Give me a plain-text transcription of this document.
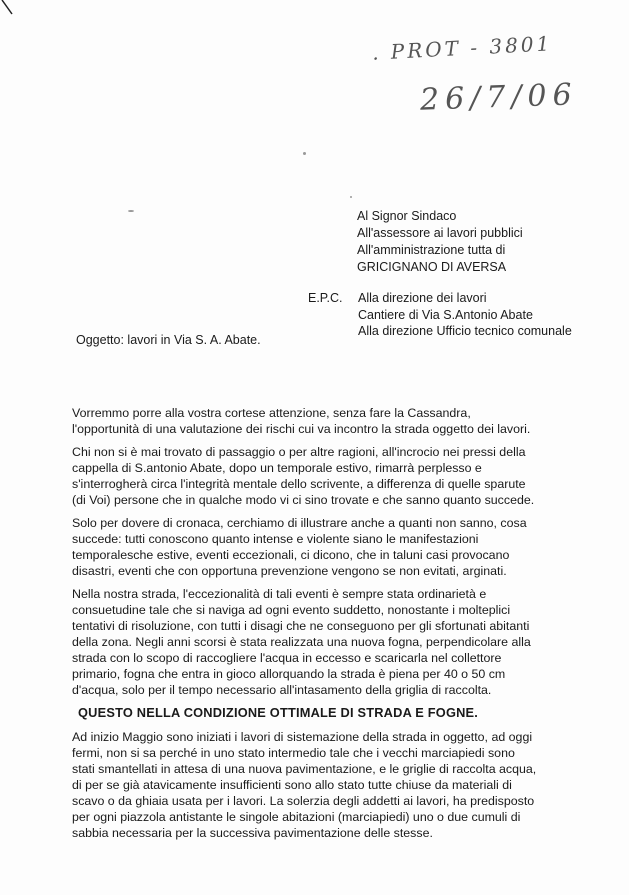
. PROT - 3801
26/7/06
Al Signor Sindaco
All'assessore ai lavori pubblici
All'amministrazione tutta di
GRICIGNANO DI AVERSA
E.P.C.	Alla direzione dei lavori
Cantiere di Via S.Antonio Abate
Alla direzione Ufficio tecnico comunale
Oggetto: lavori in Via S. A. Abate.

Vorremmo porre alla vostra cortese attenzione, senza fare la Cassandra,
l'opportunità di una valutazione dei rischi cui va incontro la strada oggetto dei lavori.

Chi non si è mai trovato di passaggio o per altre ragioni, all'incrocio nei pressi della
cappella di S.antonio Abate, dopo un temporale estivo, rimarrà perplesso e
s'interrogherà circa l'integrità mentale dello scrivente, a differenza di quelle sparute
(di Voi) persone che in qualche modo vi ci sino trovate e che sanno quanto succede.

Solo per dovere di cronaca, cerchiamo di illustrare anche a quanti non sanno, cosa
succede: tutti conoscono quanto intense e violente siano le manifestazioni
temporalesche estive, eventi eccezionali, ci dicono, che in taluni casi provocano
disastri, eventi che con opportuna prevenzione vengono se non evitati, arginati.

Nella nostra strada, l'eccezionalità di tali eventi è sempre stata ordinarietà e
consuetudine tale che si naviga ad ogni evento suddetto, nonostante i molteplici
tentativi di risoluzione, con tutti i disagi che ne conseguono per gli sfortunati abitanti
della zona. Negli anni scorsi è stata realizzata una nuova fogna, perpendicolare alla
strada con lo scopo di raccogliere l'acqua in eccesso e scaricarla nel collettore
primario, fogna che entra in gioco allorquando la strada è piena per 40 o 50 cm
d'acqua, solo per il tempo necessario all'intasamento della griglia di raccolta.

QUESTO NELLA CONDIZIONE OTTIMALE DI STRADA E FOGNE.

Ad inizio Maggio sono iniziati i lavori di sistemazione della strada in oggetto, ad oggi
fermi, non si sa perché in uno stato intermedio tale che i vecchi marciapiedi sono
stati smantellati in attesa di una nuova pavimentazione, e le griglie di raccolta acqua,
di per se già atavicamente insufficienti sono allo stato tutte chiuse da materiali di
scavo o da ghiaia usata per i lavori. La solerzia degli addetti ai lavori, ha predisposto
per ogni piazzola antistante le singole abitazioni (marciapiedi) uno o due cumuli di
sabbia necessaria per la successiva pavimentazione delle stesse.
